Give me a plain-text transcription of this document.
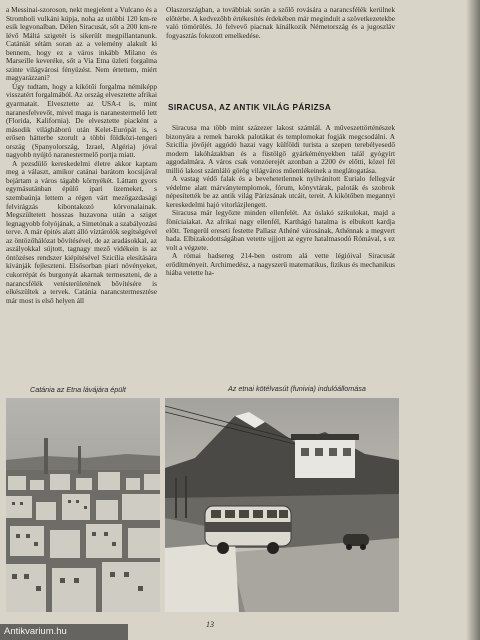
a Messinai-szoroson, nekt megjelent a Vulcano és a Stromboli vulkáni kúpja, noha az utóbbi 120 km-re esik legvonalban. Délen Siracusát, sőt a 200 km-re lévő Máltá szigetét is sikerült megpillantanunk. Catániát sétám soran az a velemény alakult ki bennem, hogy ez a város inkább Milano és Marseille keveréke, sőt a Via Etna üzleti forgalma szinte világvárosi fényüzést. Nem értettem, miért magyarázzani?

Úgy tudtam, hogy a kikötői forgalma némiképp visszatért forgalmából. Az ország elvesztette afrikai gyarmatait. Elvesztette az USA-t is, mint naranesfelvevőt, mivel maga is naranestermelő lett (Florida, Kalifornia). De elvesztette piacként a második világháború után Kelet-Európát is, s erősen hátterbe szorult a többi földközi-tengeri ország (Spanyolország, Izrael, Algéria) jóval nagyobb nyújtó naranestermelő portja miatt.

A pezsdülő kereskedelmi életre akkor kaptam meg a választ, amikor catánai barátom kocsijával bejártam a város tágabb környékét. Láttam gyors egymásutánban épülő ipari üzemeket, s szembaúnja lettem a régen várt mezőgazdasági felvirágzás kibontakozó körvonalainak. Megszültetett hosszas huzavona után a sziget legnagyobb folyójának, a Simetónak a szabályozási terve. A már épités alatt álló víztárolók segítségével az öntözőhálózat bővítésével, de az aradásokkal, az aszályokkal sújtott, tagnagy mező vidékein is az öntözéses rendszer kiépítésével Szicília elesítására kívánják fejleszteni. Elsősorban piari növényeket, cukorrépát és burgonyát akarnak termeszteni, de a narancsfélék vetésterületének bővítésére is elkészültek a tervek. Catánia narancstermesztése már most is első helyen áll

Olaszországban, a továbbiak során a szőlő rovására a narancsfélék kerülnek előtérbe. A kedvezőbb értékesítés érdekében már megindult a szövetkezetekbe való tömörülés. Jó felvevő piacnak kínálkozik Németország és a jugoszláv fogyasztás fokozott emelkedése.

SIRACUSA, AZ ANTIK VILÁG PÁRIZSA

Siracusa ma több mint százezer lakost számlál. A műveszettörténészek bizonyára a remek barokk palotákat és templomokat fogják megcsodálni. A Szicília jövőjét aggódó hazai vagy külföldi turista a szepen terebélyesedő modern lakóházakban és a füstölgő gyárkéményekben talál gyógyírt aggodalmára. A város csak vonzóerejét azonban a 2200 év előtti, közel fél millió lakost számláló görög világváros műemlékeinek a meglátogatása.

A vastag védő falak és a bevehetetlennek nyilvánított Eurialo fellegvár védelme alatt márványtemplomok, fórum, könyvtárak, paloták és szobrok népesítették be az antik világ Párizsának utcáit, tereit. A kikötőben megannyi kereskedelmi hajó vitorlázjlengett.

Siracusa már legyőzte minden ellenfelét. Az óslakó szikulokat, majd a föníciaiakat. Az afrikai nagy ellenfél, Karthágó hatalma is elbukott kardja előtt. Tengerül ereseti festette Pallasz Athéné városának, Athénnak a megvert hada. Elbizakodottságában vetette ujjjott az egyre hatalmasodó Rómával, s ez volt a végzete.

A római hadsereg 214-ben ostrom alá vette légióival Siracusát erődítményeit. Archimedész, a nagyszerű matematikus, fizikus és mechanikus hiába vetette ha-

Catánia az Etna lávájára épült	Az etnai kötélvasút (funivia) indulóállomása
13
Antikvarium.hu
